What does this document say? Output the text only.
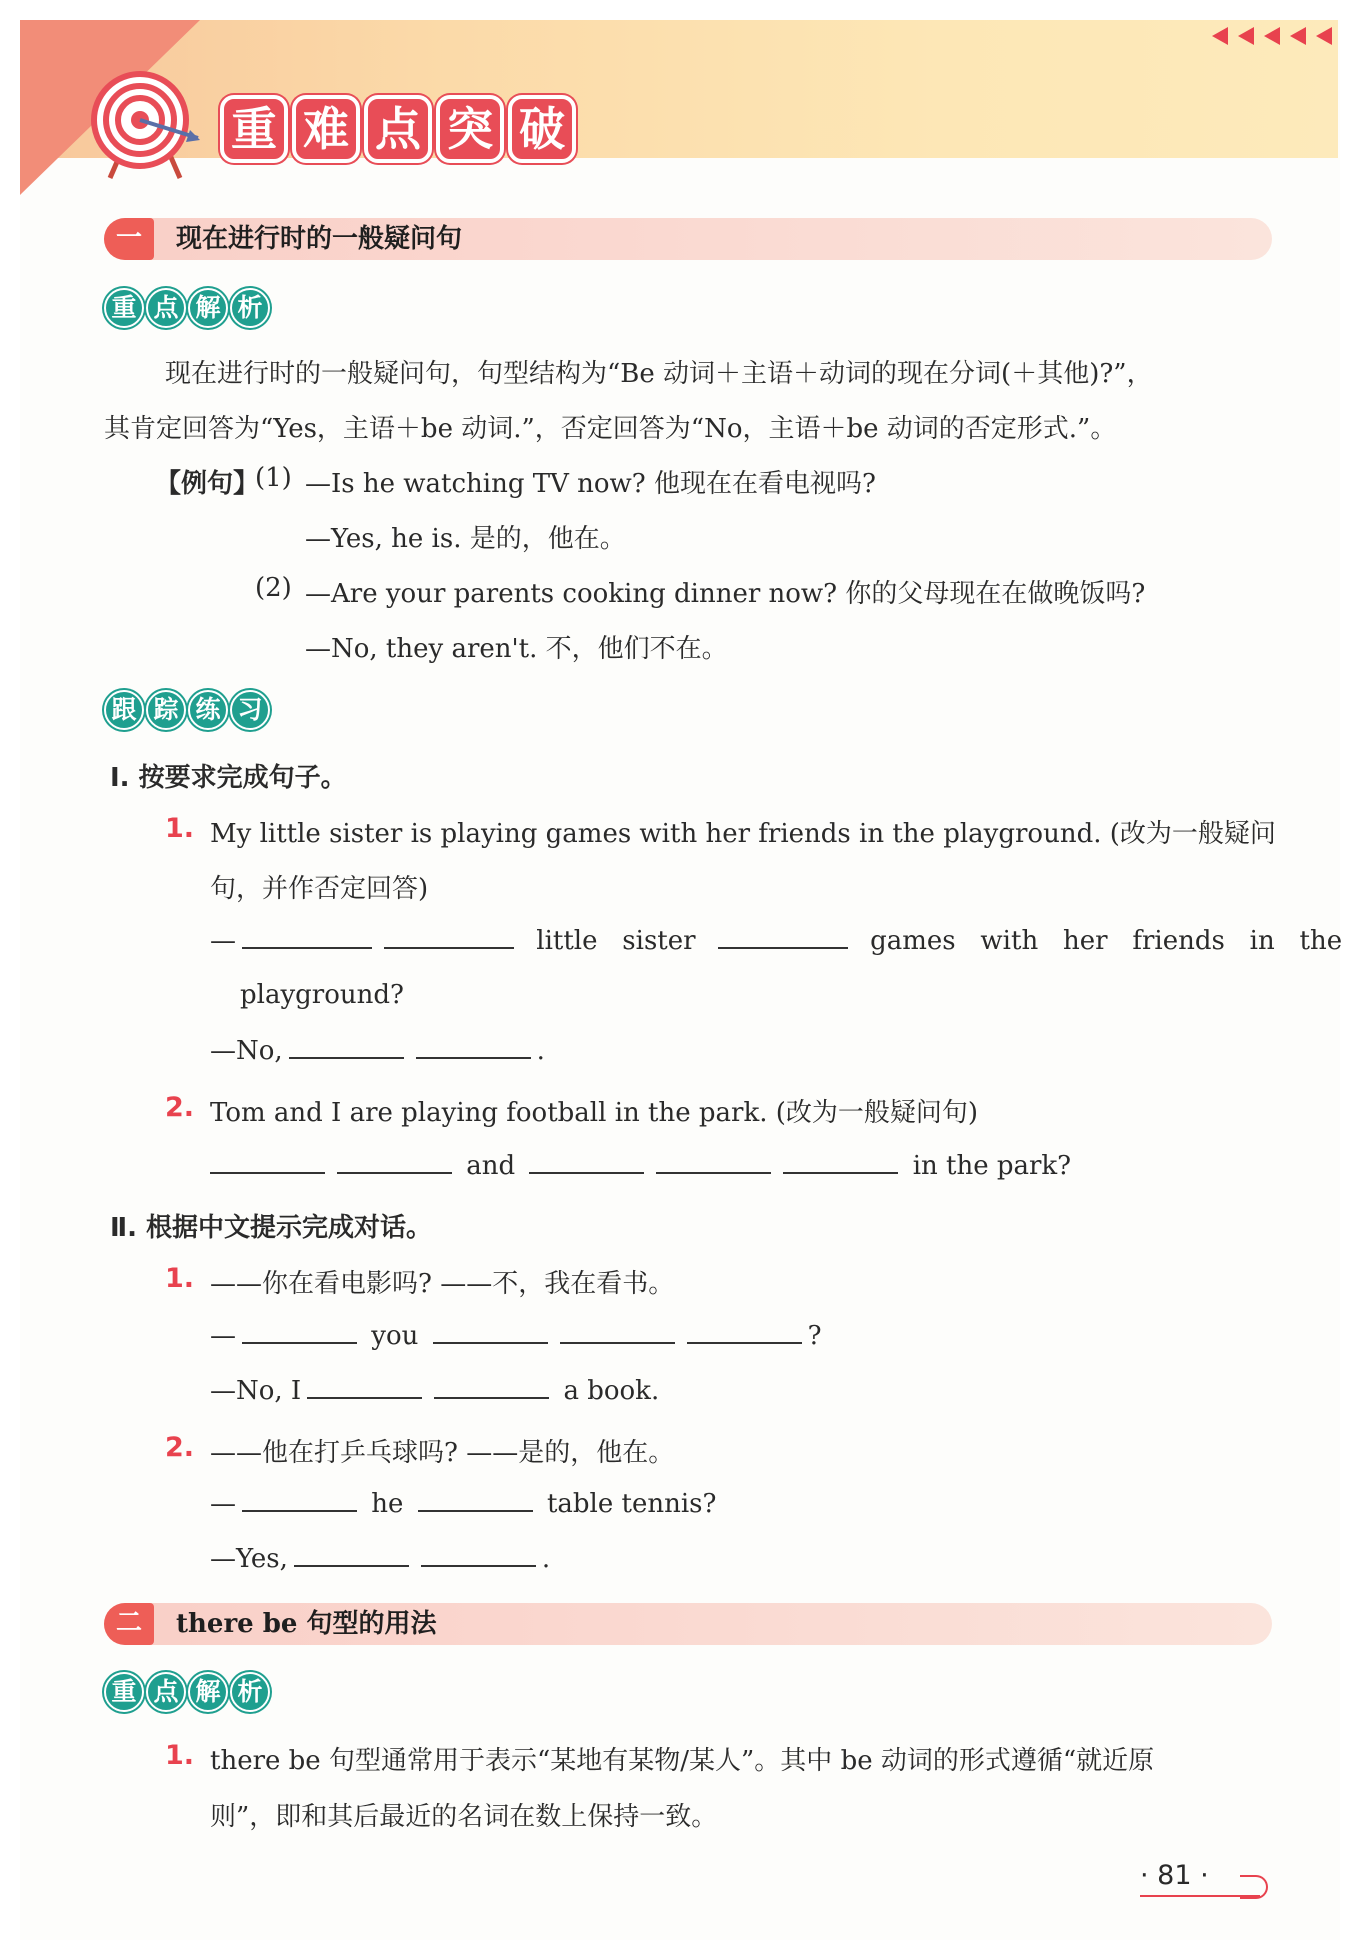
重 难 点 突 破
一	现在进行时的一般疑问句
重 点 解 析
现在进行时的一般疑问句，句型结构为“Be 动词＋主语＋动词的现在分词(＋其他)?”，
其肯定回答为“Yes，主语＋be 动词.”，否定回答为“No，主语＋be 动词的否定形式.”。
【例句】
(1) —Is he watching TV now? 他现在在看电视吗?
—Yes, he is. 是的，他在。
(2) —Are your parents cooking dinner now? 你的父母现在在做晚饭吗?
—No, they aren't. 不，他们不在。
跟 踪 练 习
Ⅰ. 按要求完成句子。
1. My little sister is playing games with her friends in the playground. (改为一般疑问
句，并作否定回答)
—	little sister	games with her friends in the
playground?
—No,	.
2. Tom and I are playing football in the park. (改为一般疑问句)
and	in the park?
Ⅱ. 根据中文提示完成对话。
1. ——你在看电影吗? ——不，我在看书。
—	you	?
—No, I	a book.
2. ——他在打乒乓球吗? ——是的，他在。
—	he	table tennis?
—Yes,	.
二	there be 句型的用法
重 点 解 析
1. there be 句型通常用于表示“某地有某物/某人”。其中 be 动词的形式遵循“就近原
则”，即和其后最近的名词在数上保持一致。
· 81 ·
